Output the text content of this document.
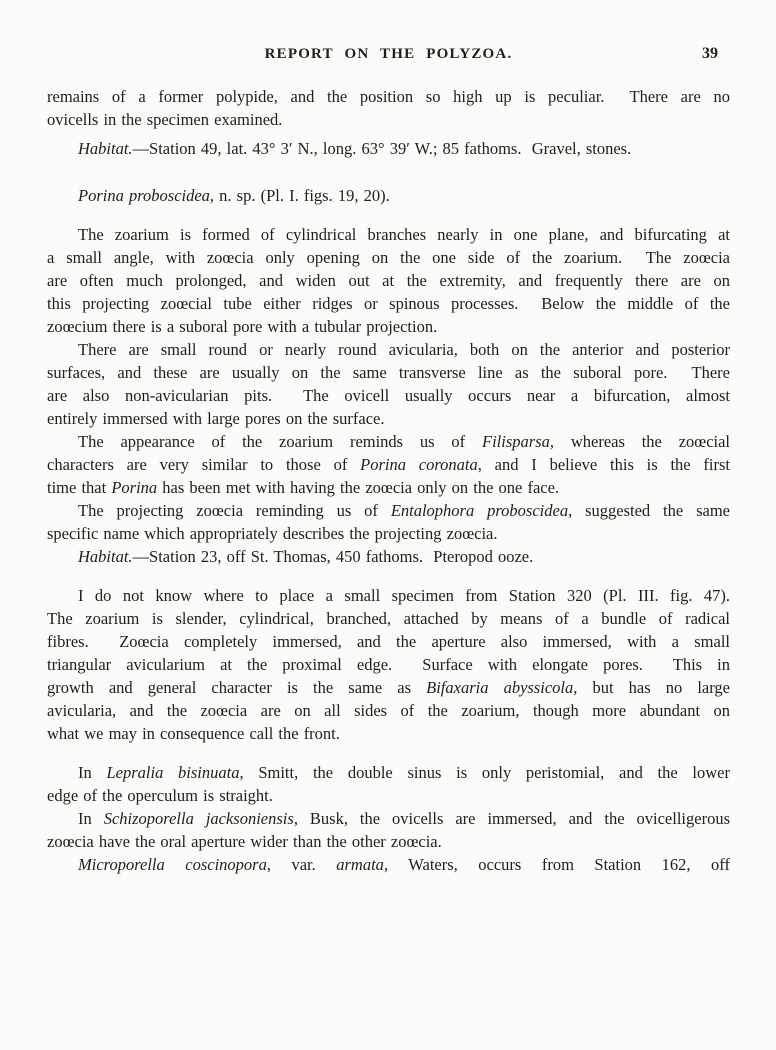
REPORT ON THE POLYZOA.	39
remains of a former polypide, and the position so high up is peculiar.  There are no
ovicells in the specimen examined.
Habitat.—Station 49, lat. 43° 3′ N., long. 63° 39′ W.; 85 fathoms.  Gravel, stones.
Porina proboscidea, n. sp. (Pl. I. figs. 19, 20).
The zoarium is formed of cylindrical branches nearly in one plane, and bifurcating at
a small angle, with zoœcia only opening on the one side of the zoarium.  The zoœcia
are often much prolonged, and widen out at the extremity, and frequently there are on
this projecting zoœcial tube either ridges or spinous processes.  Below the middle of the
zoœcium there is a suboral pore with a tubular projection.
There are small round or nearly round avicularia, both on the anterior and posterior
surfaces, and these are usually on the same transverse line as the suboral pore.  There
are also non-avicularian pits.  The ovicell usually occurs near a bifurcation, almost
entirely immersed with large pores on the surface.
The appearance of the zoarium reminds us of Filisparsa, whereas the zoœcial
characters are very similar to those of Porina coronata, and I believe this is the first
time that Porina has been met with having the zoœcia only on the one face.
The projecting zoœcia reminding us of Entalophora proboscidea, suggested the same
specific name which appropriately describes the projecting zoœcia.
Habitat.—Station 23, off St. Thomas, 450 fathoms.  Pteropod ooze.
I do not know where to place a small specimen from Station 320 (Pl. III. fig. 47).
The zoarium is slender, cylindrical, branched, attached by means of a bundle of radical
fibres.  Zoœcia completely immersed, and the aperture also immersed, with a small
triangular avicularium at the proximal edge.  Surface with elongate pores.  This in
growth and general character is the same as Bifaxaria abyssicola, but has no large
avicularia, and the zoœcia are on all sides of the zoarium, though more abundant on
what we may in consequence call the front.
In Lepralia bisinuata, Smitt, the double sinus is only peristomial, and the lower
edge of the operculum is straight.
In Schizoporella jacksoniensis, Busk, the ovicells are immersed, and the ovicelligerous
zoœcia have the oral aperture wider than the other zoœcia.
Microporella coscinopora, var. armata, Waters, occurs from Station 162, off
